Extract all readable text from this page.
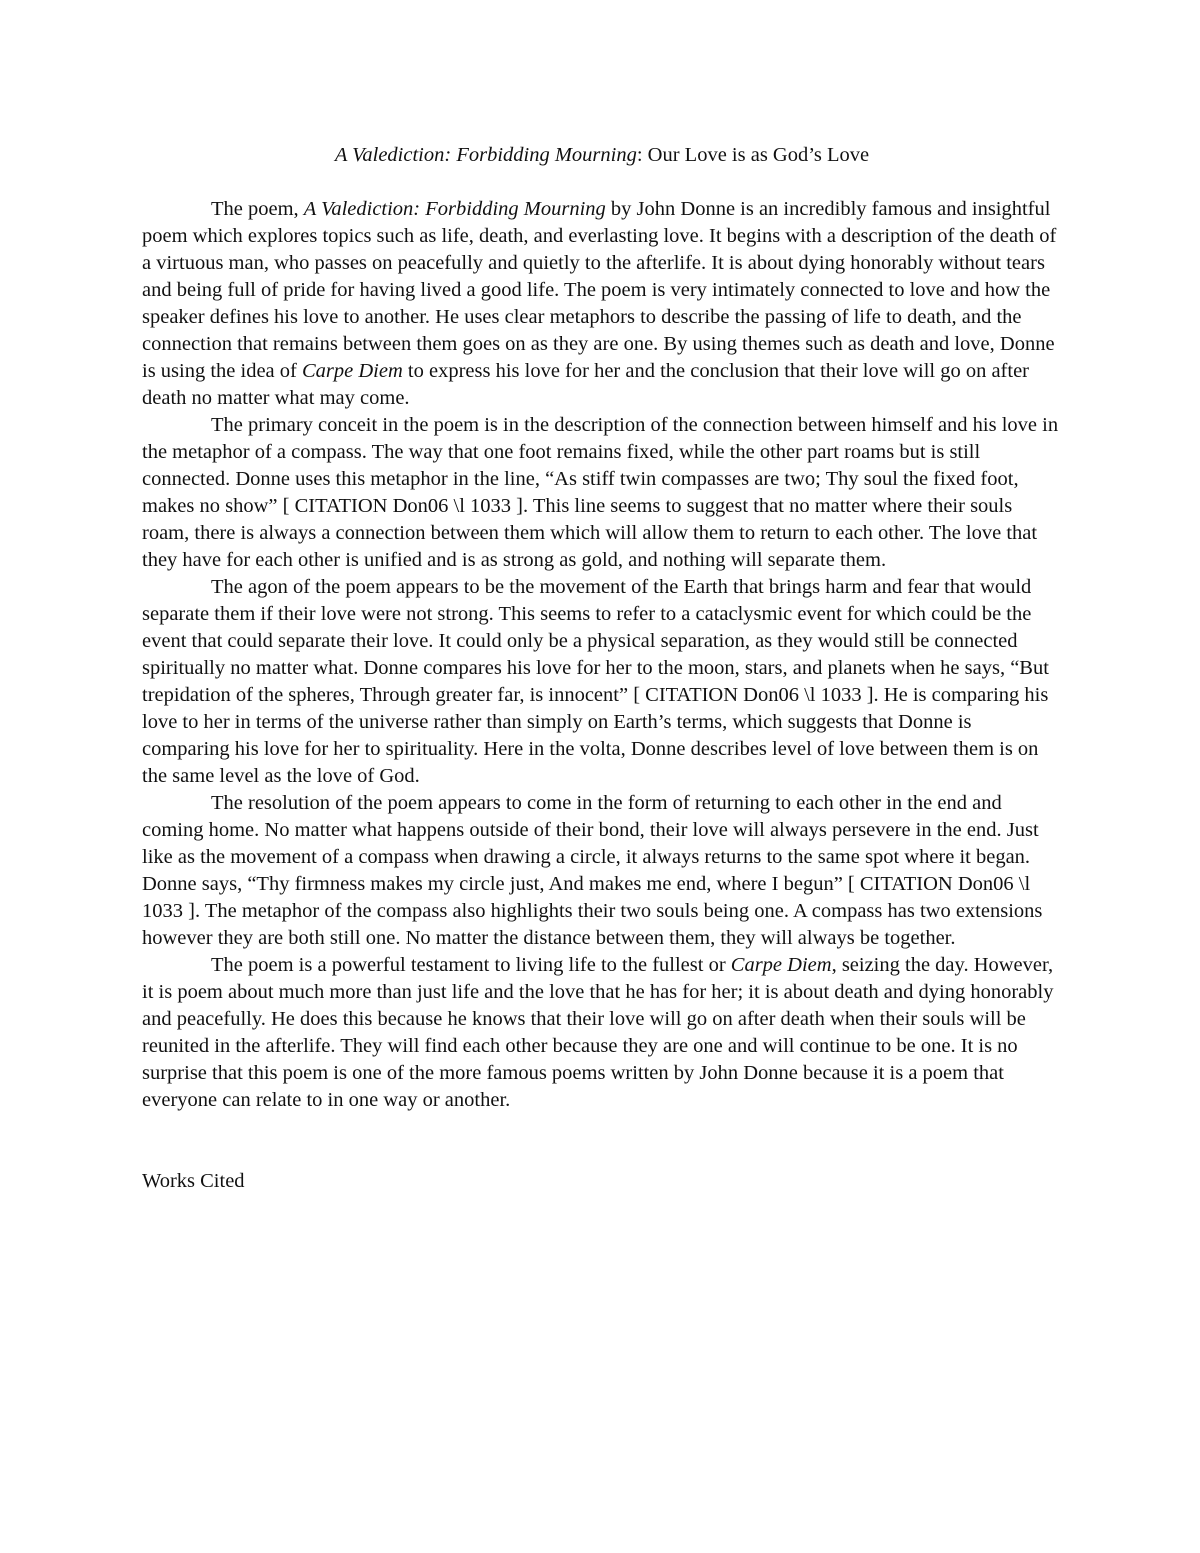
A Valediction: Forbidding Mourning: Our Love is as God’s Love

The poem, A Valediction: Forbidding Mourning by John Donne is an incredibly famous and insightful poem which explores topics such as life, death, and everlasting love. It begins with a description of the death of a virtuous man, who passes on peacefully and quietly to the afterlife. It is about dying honorably without tears and being full of pride for having lived a good life. The poem is very intimately connected to love and how the speaker defines his love to another. He uses clear metaphors to describe the passing of life to death, and the connection that remains between them goes on as they are one. By using themes such as death and love, Donne is using the idea of Carpe Diem to express his love for her and the conclusion that their love will go on after death no matter what may come.

The primary conceit in the poem is in the description of the connection between himself and his love in the metaphor of a compass. The way that one foot remains fixed, while the other part roams but is still connected. Donne uses this metaphor in the line, “As stiff twin compasses are two; Thy soul the fixed foot, makes no show” [ CITATION Don06 \l 1033 ]. This line seems to suggest that no matter where their souls roam, there is always a connection between them which will allow them to return to each other. The love that they have for each other is unified and is as strong as gold, and nothing will separate them.

The agon of the poem appears to be the movement of the Earth that brings harm and fear that would separate them if their love were not strong. This seems to refer to a cataclysmic event for which could be the event that could separate their love. It could only be a physical separation, as they would still be connected spiritually no matter what. Donne compares his love for her to the moon, stars, and planets when he says, “But trepidation of the spheres, Through greater far, is innocent” [ CITATION Don06 \l 1033 ]. He is comparing his love to her in terms of the universe rather than simply on Earth’s terms, which suggests that Donne is comparing his love for her to spirituality. Here in the volta, Donne describes level of love between them is on the same level as the love of God.

The resolution of the poem appears to come in the form of returning to each other in the end and coming home. No matter what happens outside of their bond, their love will always persevere in the end. Just like as the movement of a compass when drawing a circle, it always returns to the same spot where it began. Donne says, “Thy firmness makes my circle just, And makes me end, where I begun” [ CITATION Don06 \l 1033 ]. The metaphor of the compass also highlights their two souls being one. A compass has two extensions however they are both still one. No matter the distance between them, they will always be together.

The poem is a powerful testament to living life to the fullest or Carpe Diem, seizing the day. However, it is poem about much more than just life and the love that he has for her; it is about death and dying honorably and peacefully. He does this because he knows that their love will go on after death when their souls will be reunited in the afterlife. They will find each other because they are one and will continue to be one. It is no surprise that this poem is one of the more famous poems written by John Donne because it is a poem that everyone can relate to in one way or another.

Works Cited
